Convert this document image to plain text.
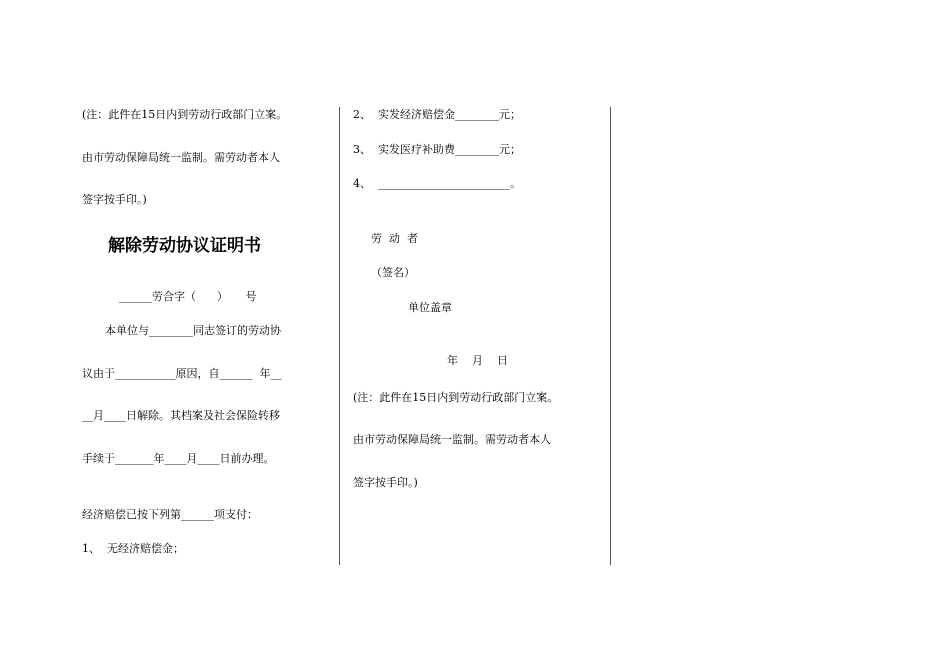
(注：此件在15日内到劳动行政部门立案。
由市劳动保障局统一监制。需劳动者本人
签字按手印。)
解除劳动协议证明书
______劳合字（      ）     号
本单位与________同志签订的劳动协
议由于___________原因，自______  年__
__月____日解除。其档案及社会保险转移
手续于_______年____月____日前办理。
经济赔偿已按下列第______项支付：
1、  无经济赔偿金；
2、  实发经济赔偿金________元；
3、  实发医疗补助费________元；
4、  ________________________。
劳  动  者
（签名）
单位盖章
年    月    日
(注：此件在15日内到劳动行政部门立案。
由市劳动保障局统一监制。需劳动者本人
签字按手印。)
